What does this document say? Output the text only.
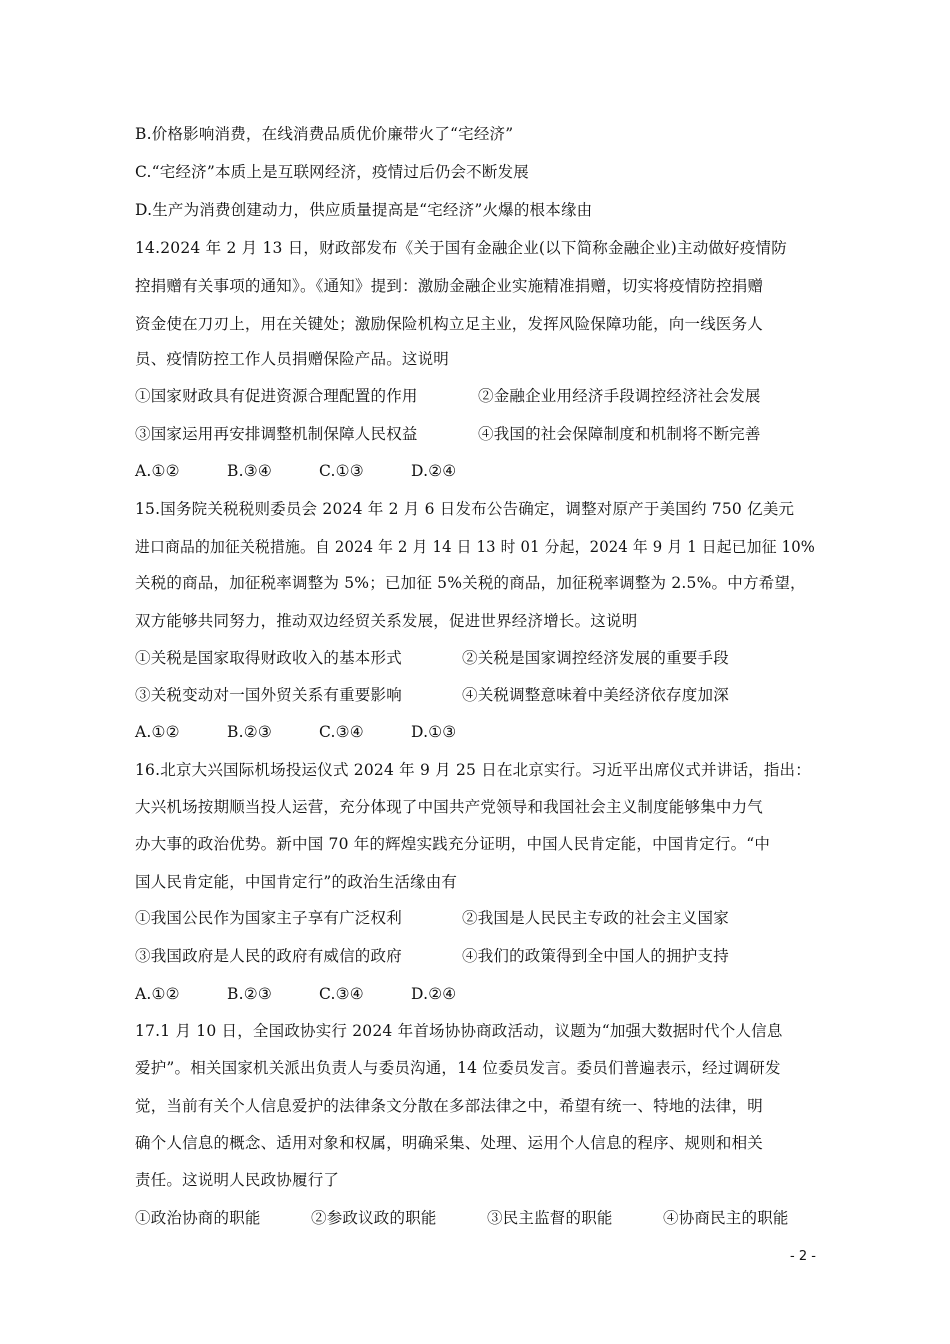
B.价格影响消费，在线消费品质优价廉带火了“宅经济”
C.“宅经济”本质上是互联网经济，疫情过后仍会不断发展
D.生产为消费创建动力，供应质量提高是“宅经济”火爆的根本缘由
14.2024 年 2 月 13 日，财政部发布《关于国有金融企业(以下简称金融企业)主动做好疫情防
控捐赠有关事项的通知》。《通知》提到：激励金融企业实施精准捐赠，切实将疫情防控捐赠
资金使在刀刃上，用在关键处；激励保险机构立足主业，发挥风险保障功能，向一线医务人
员、疫情防控工作人员捐赠保险产品。这说明
①国家财政具有促进资源合理配置的作用	②金融企业用经济手段调控经济社会发展
③国家运用再安排调整机制保障人民权益	④我国的社会保障制度和机制将不断完善
A.①②	B.③④	C.①③	D.②④
15.国务院关税税则委员会 2024 年 2 月 6 日发布公告确定，调整对原产于美国约 750 亿美元
进口商品的加征关税措施。自 2024 年 2 月 14 日 13 时 01 分起，2024 年 9 月 1 日起已加征 10%
关税的商品，加征税率调整为 5%；已加征 5%关税的商品，加征税率调整为 2.5%。中方希望，
双方能够共同努力，推动双边经贸关系发展，促进世界经济增长。这说明
①关税是国家取得财政收入的基本形式	②关税是国家调控经济发展的重要手段
③关税变动对一国外贸关系有重要影响	④关税调整意味着中美经济依存度加深
A.①②	B.②③	C.③④	D.①③
16.北京大兴国际机场投运仪式 2024 年 9 月 25 日在北京实行。习近平出席仪式并讲话，指出：
大兴机场按期顺当投人运营，充分体现了中国共产党领导和我国社会主义制度能够集中力气
办大事的政治优势。新中国 70 年的辉煌实践充分证明，中国人民肯定能，中国肯定行。“中
国人民肯定能，中国肯定行”的政治生活缘由有
①我国公民作为国家主子享有广泛权利	②我国是人民民主专政的社会主义国家
③我国政府是人民的政府有威信的政府	④我们的政策得到全中国人的拥护支持
A.①②	B.②③	C.③④	D.②④
17.1 月 10 日，全国政协实行 2024 年首场协协商政活动，议题为“加强大数据时代个人信息
爱护”。相关国家机关派出负责人与委员沟通，14 位委员发言。委员们普遍表示，经过调研发
觉，当前有关个人信息爱护的法律条文分散在多部法律之中，希望有统一、特地的法律，明
确个人信息的概念、适用对象和权属，明确采集、处理、运用个人信息的程序、规则和相关
责任。这说明人民政协履行了
①政治协商的职能	②参政议政的职能	③民主监督的职能	④协商民主的职能
- 2 -
